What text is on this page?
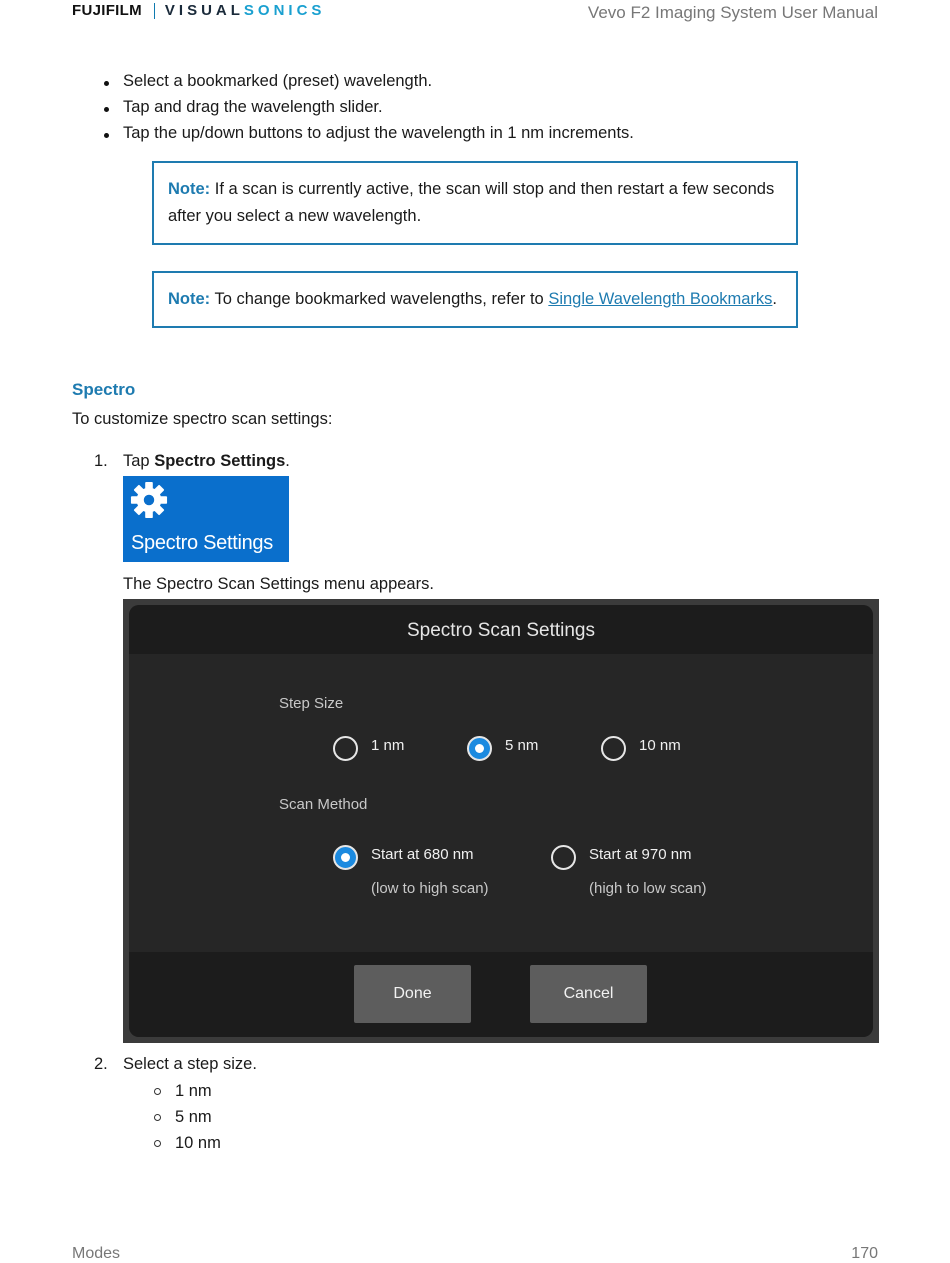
FUJIFILM VISUAL SONICS	Vevo F2 Imaging System User Manual
Select a bookmarked (preset) wavelength.
Tap and drag the wavelength slider.
Tap the up/down buttons to adjust the wavelength in 1 nm increments.
Note: If a scan is currently active, the scan will stop and then restart a few seconds after you select a new wavelength.
Note: To change bookmarked wavelengths, refer to Single Wavelength Bookmarks.
Spectro
To customize spectro scan settings:
1. Tap Spectro Settings.
Spectro Settings
The Spectro Scan Settings menu appears.
Spectro Scan Settings
Step Size
1 nm	5 nm	10 nm
Scan Method
Start at 680 nm
(low to high scan)
Start at 970 nm
(high to low scan)
Done	Cancel
2. Select a step size.
1 nm
5 nm
10 nm
Modes	170
